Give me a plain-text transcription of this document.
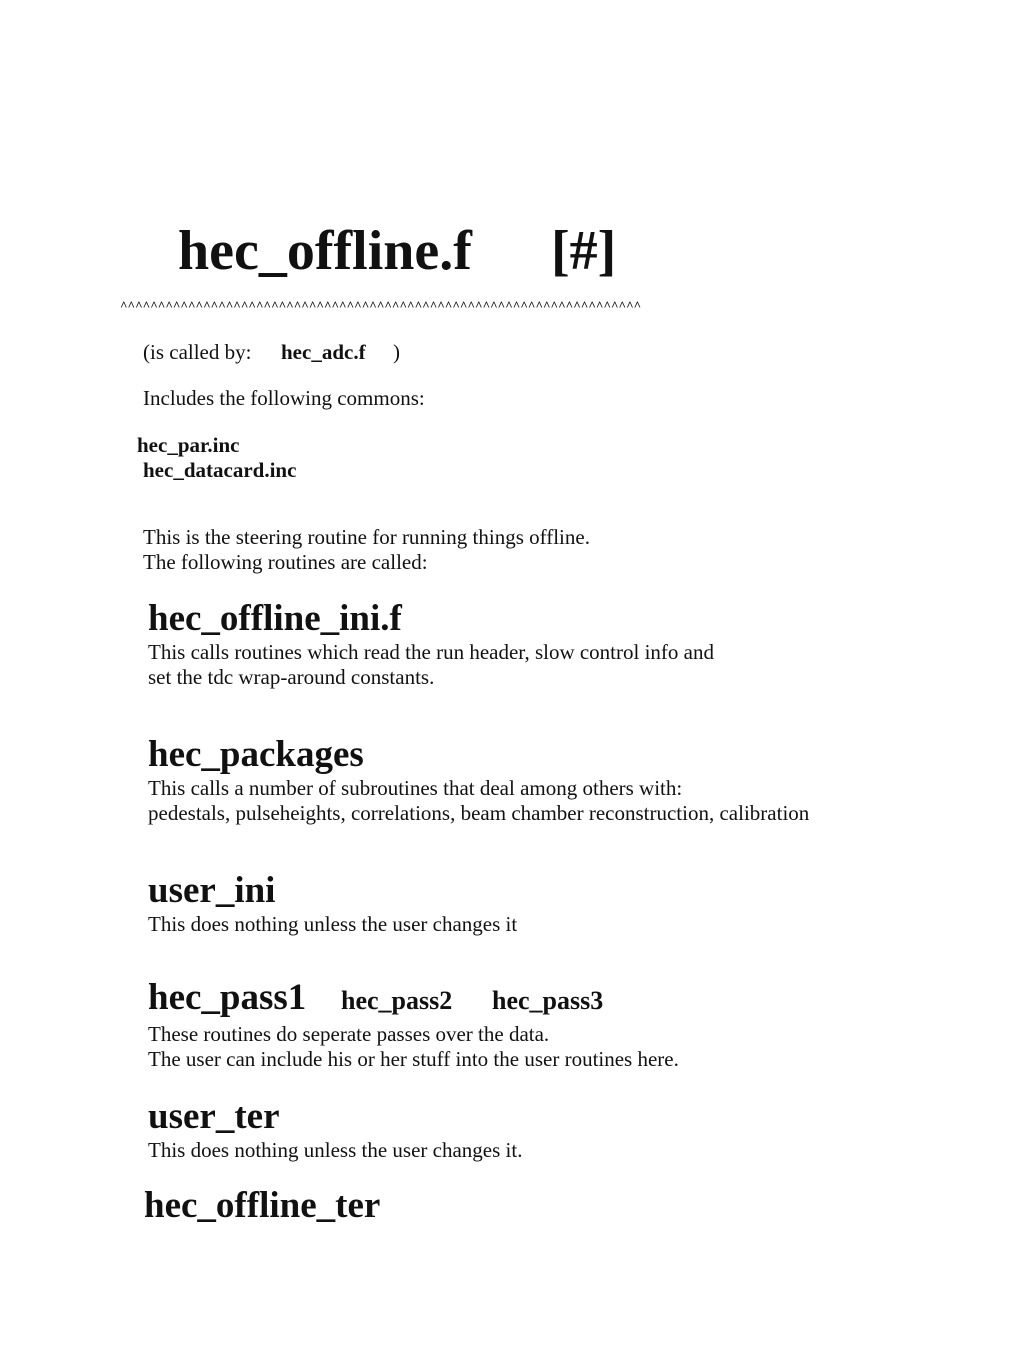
hec_offline.f [#]
^^^^^^^^^^^^^^^^^^^^^^^^^^^^^^^^^^^^^^^^^^^^^^^^^^^^^^^^^^^^^^^^^^^^^
(is called by: hec_adc.f )
Includes the following commons:
hec_par.inc
hec_datacard.inc
This is the steering routine for running things offline.
The following routines are called:
hec_offline_ini.f
This calls routines which read the run header, slow control info and
set the tdc wrap-around constants.
hec_packages
This calls a number of subroutines that deal among others with:
pedestals, pulseheights, correlations, beam chamber reconstruction, calibration
user_ini
This does nothing unless the user changes it
hec_pass1 hec_pass2 hec_pass3
These routines do seperate passes over the data.
The user can include his or her stuff into the user routines here.
user_ter
This does nothing unless the user changes it.
hec_offline_ter
